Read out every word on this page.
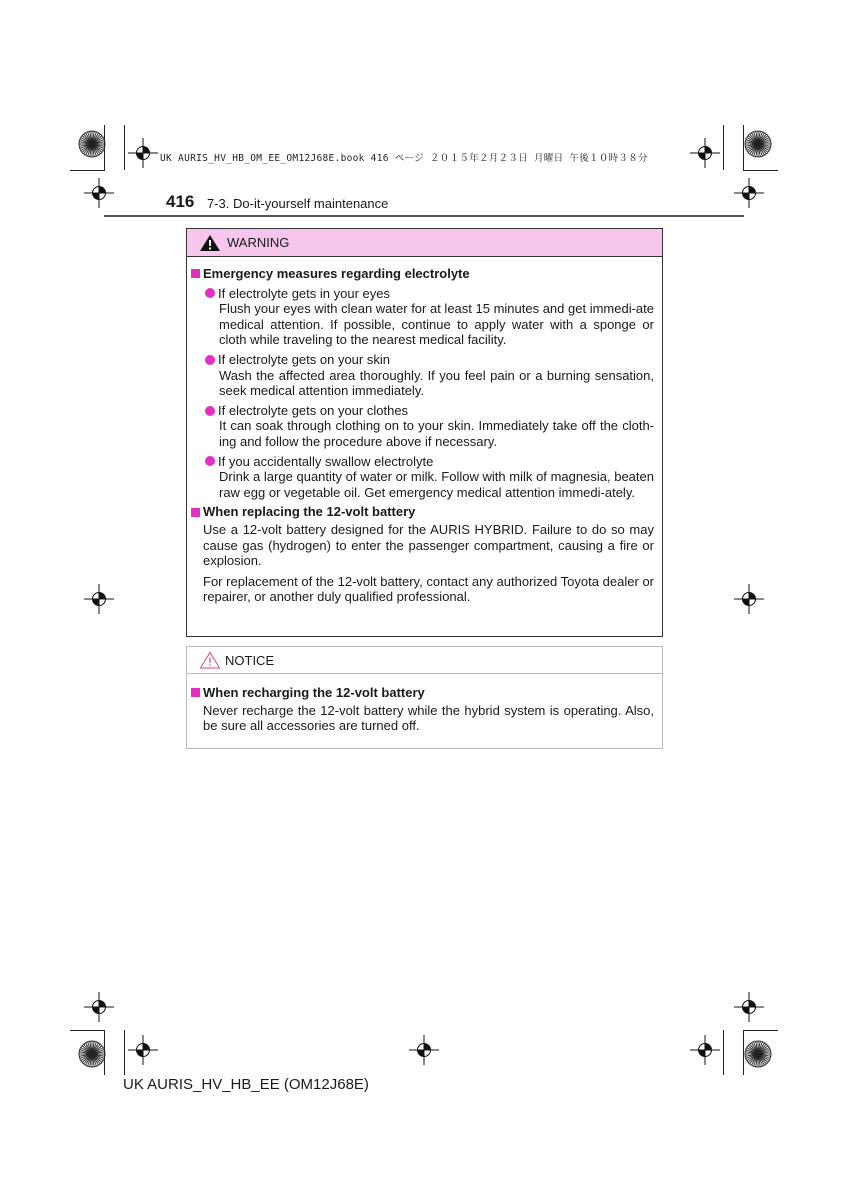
UK AURIS_HV_HB_OM_EE_OM12J68E.book 416 ページ ２０１５年２月２３日 月曜日 午後１０時３８分
416 7-3. Do-it-yourself maintenance
WARNING
Emergency measures regarding electrolyte
If electrolyte gets in your eyes
Flush your eyes with clean water for at least 15 minutes and get immedi-ate medical attention. If possible, continue to apply water with a sponge or cloth while traveling to the nearest medical facility.
If electrolyte gets on your skin
Wash the affected area thoroughly. If you feel pain or a burning sensation, seek medical attention immediately.
If electrolyte gets on your clothes
It can soak through clothing on to your skin. Immediately take off the cloth-ing and follow the procedure above if necessary.
If you accidentally swallow electrolyte
Drink a large quantity of water or milk. Follow with milk of magnesia, beaten raw egg or vegetable oil. Get emergency medical attention immedi-ately.
When replacing the 12-volt battery
Use a 12-volt battery designed for the AURIS HYBRID. Failure to do so may cause gas (hydrogen) to enter the passenger compartment, causing a fire or explosion.
For replacement of the 12-volt battery, contact any authorized Toyota dealer or repairer, or another duly qualified professional.
NOTICE
When recharging the 12-volt battery
Never recharge the 12-volt battery while the hybrid system is operating. Also, be sure all accessories are turned off.
UK AURIS_HV_HB_EE (OM12J68E)
